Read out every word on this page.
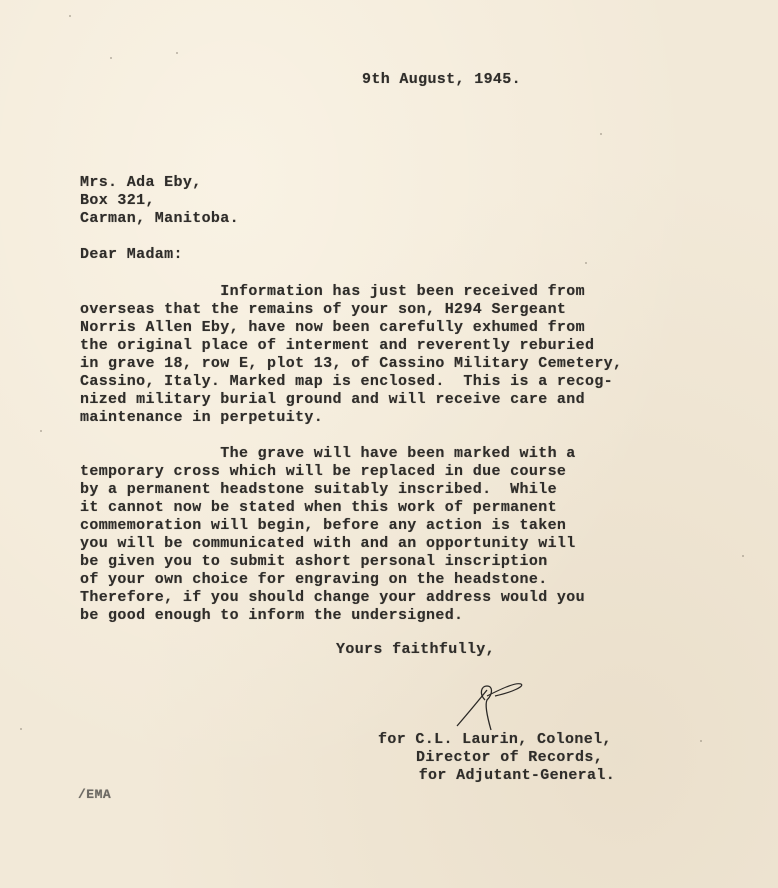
9th August, 1945.
Mrs. Ada Eby,
Box 321,
Carman, Manitoba.
Dear Madam:
Information has just been received from
overseas that the remains of your son, H294 Sergeant
Norris Allen Eby, have now been carefully exhumed from
the original place of interment and reverently reburied
in grave 18, row E, plot 13, of Cassino Military Cemetery,
Cassino, Italy. Marked map is enclosed.  This is a recog-
nized military burial ground and will receive care and
maintenance in perpetuity.
The grave will have been marked with a
temporary cross which will be replaced in due course
by a permanent headstone suitably inscribed.  While
it cannot now be stated when this work of permanent
commemoration will begin, before any action is taken
you will be communicated with and an opportunity will
be given you to submit ashort personal inscription
of your own choice for engraving on the headstone.
Therefore, if you should change your address would you
be good enough to inform the undersigned.
Yours faithfully,
for C.L. Laurin, Colonel,
Director of Records,
for Adjutant-General.
/EMA
